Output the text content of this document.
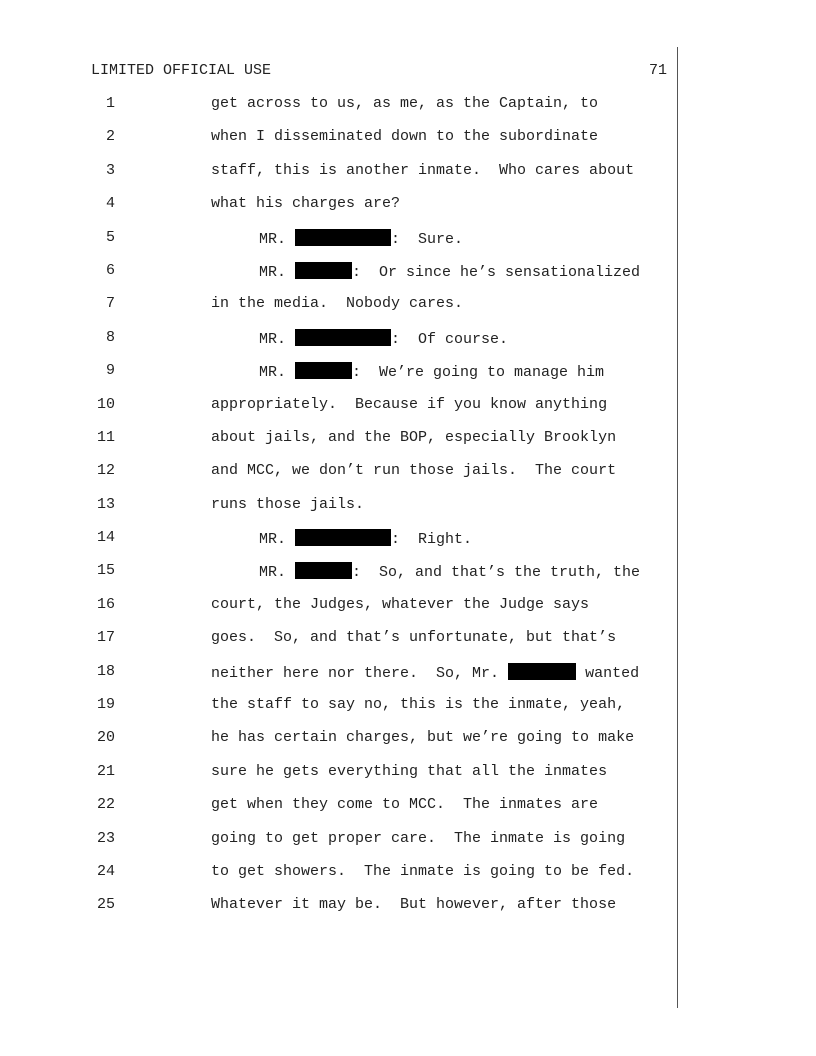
LIMITED OFFICIAL USE	71
1	get across to us, as me, as the Captain, to
2	when I disseminated down to the subordinate
3	staff, this is another inmate.  Who cares about
4	what his charges are?
5	MR.	:  Sure.
6	MR.	:  Or since he’s sensationalized
7	in the media.  Nobody cares.
8	MR.	:  Of course.
9	MR.	:  We’re going to manage him
10	appropriately.  Because if you know anything
11	about jails, and the BOP, especially Brooklyn
12	and MCC, we don’t run those jails.  The court
13	runs those jails.
14	MR.	:  Right.
15	MR.	:  So, and that’s the truth, the
16	court, the Judges, whatever the Judge says
17	goes.  So, and that’s unfortunate, but that’s
18	neither here nor there.  So, Mr.	wanted
19	the staff to say no, this is the inmate, yeah,
20	he has certain charges, but we’re going to make
21	sure he gets everything that all the inmates
22	get when they come to MCC.  The inmates are
23	going to get proper care.  The inmate is going
24	to get showers.  The inmate is going to be fed.
25	Whatever it may be.  But however, after those
